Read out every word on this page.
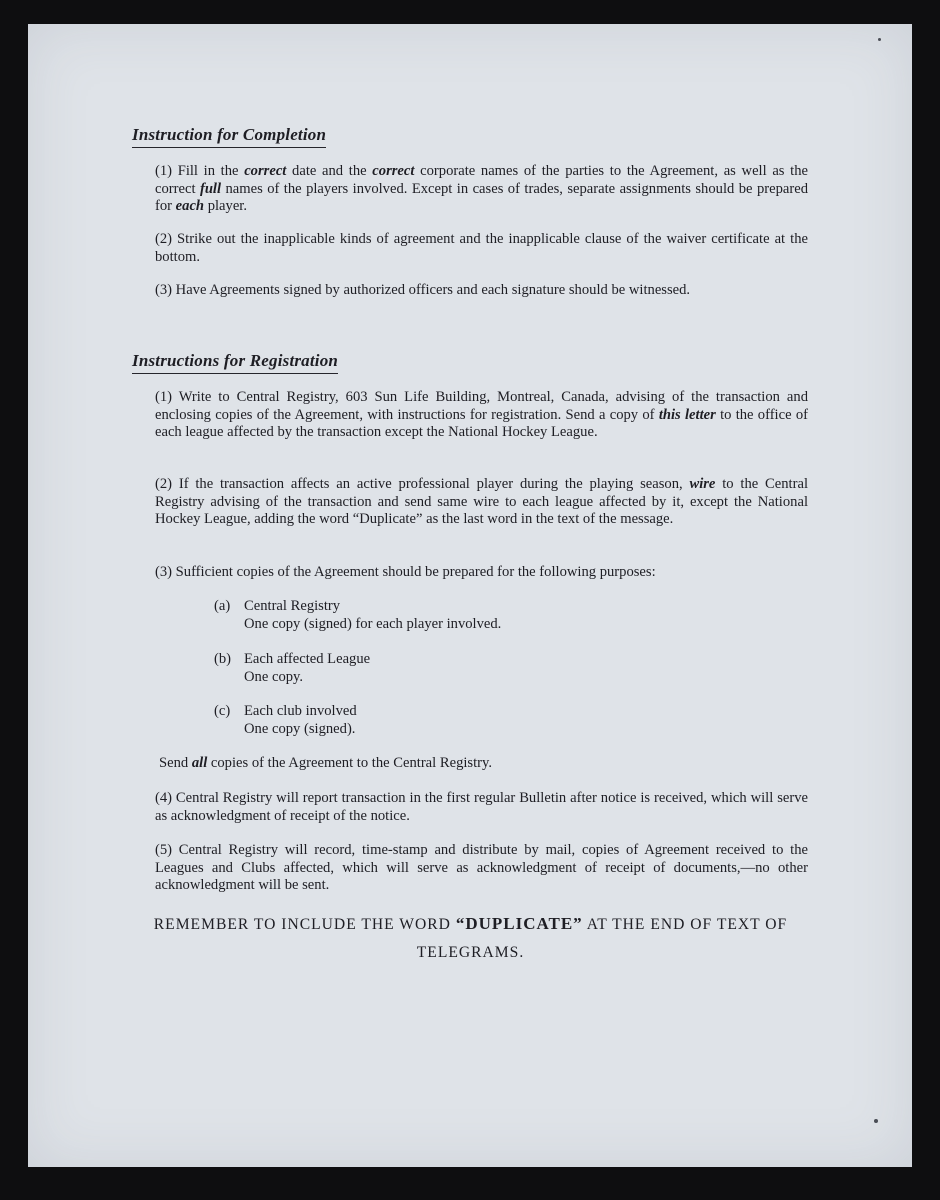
Instruction for Completion

(1) Fill in the correct date and the correct corporate names of the parties to the Agreement, as well as the correct full names of the players involved. Except in cases of trades, separate assignments should be prepared for each player.

(2) Strike out the inapplicable kinds of agreement and the inapplicable clause of the waiver certificate at the bottom.

(3) Have Agreements signed by authorized officers and each signature should be witnessed.

Instructions for Registration

(1) Write to Central Registry, 603 Sun Life Building, Montreal, Canada, advising of the transaction and enclosing copies of the Agreement, with instructions for registration. Send a copy of this letter to the office of each league affected by the transaction except the National Hockey League.

(2) If the transaction affects an active professional player during the playing season, wire to the Central Registry advising of the transaction and send same wire to each league affected by it, except the National Hockey League, adding the word “Duplicate” as the last word in the text of the message.

(3) Sufficient copies of the Agreement should be prepared for the following purposes:

(a) Central Registry
One copy (signed) for each player involved.
(b) Each affected League
One copy.
(c) Each club involved
One copy (signed).

Send all copies of the Agreement to the Central Registry.

(4) Central Registry will report transaction in the first regular Bulletin after notice is received, which will serve as acknowledgment of receipt of the notice.

(5) Central Registry will record, time-stamp and distribute by mail, copies of Agreement received to the Leagues and Clubs affected, which will serve as acknowledgment of receipt of documents,—no other acknowledgment will be sent.

REMEMBER TO INCLUDE THE WORD “DUPLICATE” AT THE END OF TEXT OF TELEGRAMS.
